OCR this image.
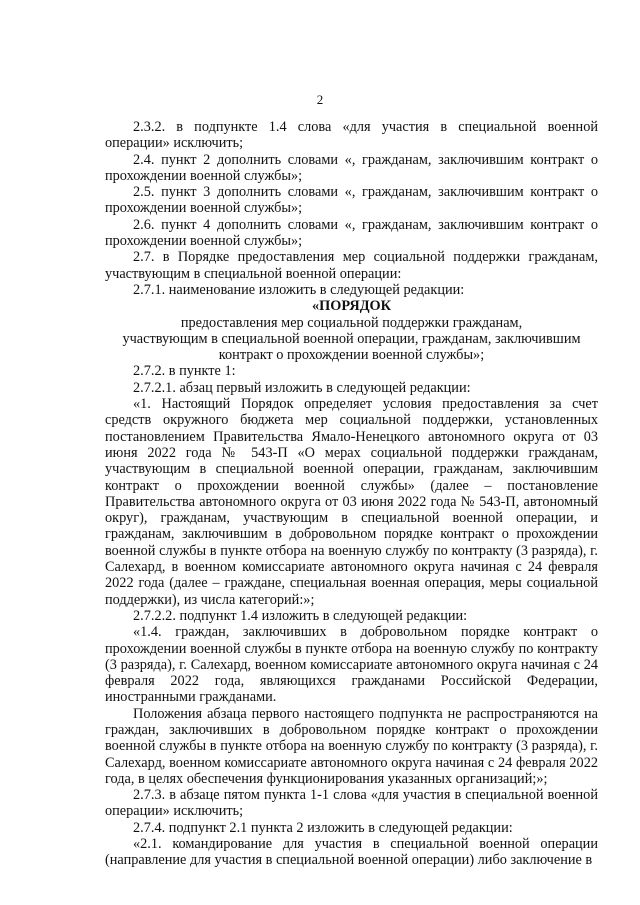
2

2.3.2. в подпункте 1.4 слова «для участия в специальной военной операции» исключить;

2.4. пункт 2 дополнить словами «, гражданам, заключившим контракт о прохождении военной службы»;

2.5. пункт 3 дополнить словами «, гражданам, заключившим контракт о прохождении военной службы»;

2.6. пункт 4 дополнить словами «, гражданам, заключившим контракт о прохождении военной службы»;

2.7. в Порядке предоставления мер социальной поддержки гражданам, участвующим в специальной военной операции:

2.7.1. наименование изложить в следующей редакции:

«ПОРЯДОК

предоставления мер социальной поддержки гражданам,

участвующим в специальной военной операции, гражданам, заключившим

контракт о прохождении военной службы»;

2.7.2. в пункте 1:

2.7.2.1. абзац первый изложить в следующей редакции:

«1. Настоящий Порядок определяет условия предоставления за счет средств окружного бюджета мер социальной поддержки, установленных постановлением Правительства Ямало-Ненецкого автономного округа от 03 июня 2022 года № 543-П «О мерах социальной поддержки гражданам, участвующим в специальной военной операции, гражданам, заключившим контракт о прохождении военной службы» (далее – постановление Правительства автономного округа от 03 июня 2022 года № 543-П, автономный округ), гражданам, участвующим в специальной военной операции, и гражданам, заключившим в добровольном порядке контракт о прохождении военной службы в пункте отбора на военную службу по контракту (3 разряда), г. Салехард, в военном комиссариате автономного округа начиная с 24 февраля 2022 года (далее – граждане, специальная военная операция, меры социальной поддержки), из числа категорий:»;

2.7.2.2. подпункт 1.4 изложить в следующей редакции:

«1.4. граждан, заключивших в добровольном порядке контракт о прохождении военной службы в пункте отбора на военную службу по контракту (3 разряда), г. Салехард, военном комиссариате автономного округа начиная с 24 февраля 2022 года, являющихся гражданами Российской Федерации, иностранными гражданами.

Положения абзаца первого настоящего подпункта не распространяются на граждан, заключивших в добровольном порядке контракт о прохождении военной службы в пункте отбора на военную службу по контракту (3 разряда), г. Салехард, военном комиссариате автономного округа начиная с 24 февраля 2022 года, в целях обеспечения функционирования указанных организаций;»;

2.7.3. в абзаце пятом пункта 1-1 слова «для участия в специальной военной операции» исключить;

2.7.4. подпункт 2.1 пункта 2 изложить в следующей редакции:

«2.1. командирование для участия в специальной военной операции (направление для участия в специальной военной операции) либо заключение в
